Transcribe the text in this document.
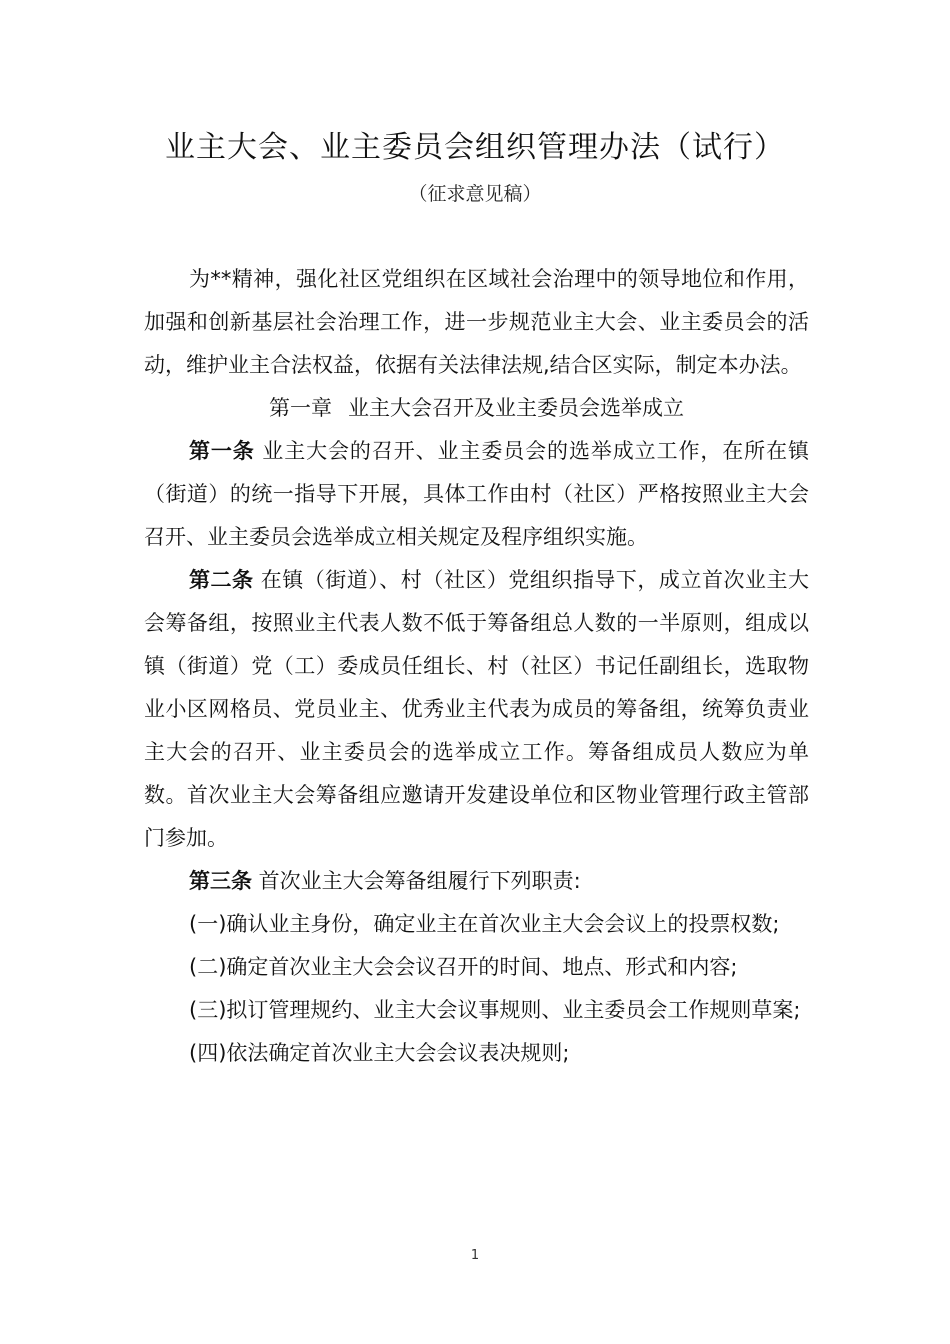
业主大会、业主委员会组织管理办法（试行）
（征求意见稿）

为**精神，强化社区党组织在区域社会治理中的领导地位和作用，加强和创新基层社会治理工作，进一步规范业主大会、业主委员会的活动，维护业主合法权益，依据有关法律法规,结合区实际，制定本办法。

第一章 业主大会召开及业主委员会选举成立

第一条 业主大会的召开、业主委员会的选举成立工作，在所在镇（街道）的统一指导下开展，具体工作由村（社区）严格按照业主大会召开、业主委员会选举成立相关规定及程序组织实施。

第二条 在镇（街道）、村（社区）党组织指导下，成立首次业主大会筹备组，按照业主代表人数不低于筹备组总人数的一半原则，组成以镇（街道）党（工）委成员任组长、村（社区）书记任副组长，选取物业小区网格员、党员业主、优秀业主代表为成员的筹备组，统筹负责业主大会的召开、业主委员会的选举成立工作。筹备组成员人数应为单数。首次业主大会筹备组应邀请开发建设单位和区物业管理行政主管部门参加。

第三条 首次业主大会筹备组履行下列职责:

(一)确认业主身份，确定业主在首次业主大会会议上的投票权数;

(二)确定首次业主大会会议召开的时间、地点、形式和内容;

(三)拟订管理规约、业主大会议事规则、业主委员会工作规则草案;

(四)依法确定首次业主大会会议表决规则;

1
